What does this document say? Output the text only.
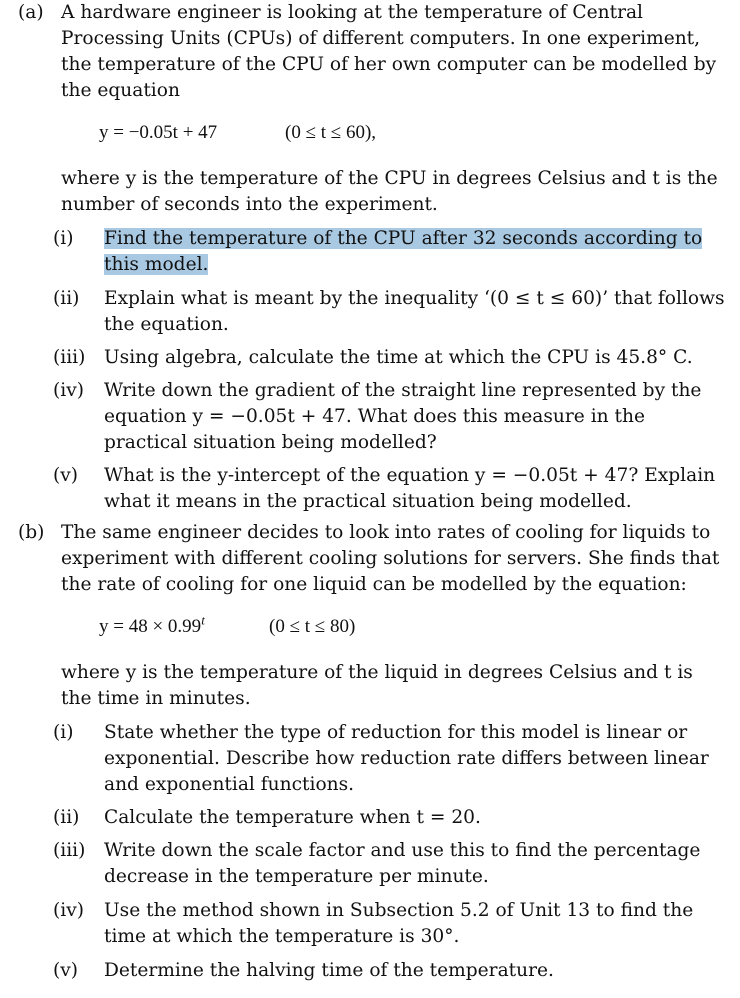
(a) A hardware engineer is looking at the temperature of Central Processing Units (CPUs) of different computers. In one experiment, the temperature of the CPU of her own computer can be modelled by the equation

y = −0.05t + 47	(0 ≤ t ≤ 60),

where y is the temperature of the CPU in degrees Celsius and t is the number of seconds into the experiment.

(i)	Find the temperature of the CPU after 32 seconds according to this model.
(ii)	Explain what is meant by the inequality ‘(0 ≤ t ≤ 60)’ that follows the equation.
(iii)	Using algebra, calculate the time at which the CPU is 45.8° C.
(iv)	Write down the gradient of the straight line represented by the equation y = −0.05t + 47. What does this measure in the practical situation being modelled?
(v)	What is the y-intercept of the equation y = −0.05t + 47? Explain what it means in the practical situation being modelled.
(b) The same engineer decides to look into rates of cooling for liquids to experiment with different cooling solutions for servers. She finds that the rate of cooling for one liquid can be modelled by the equation:

$y = 48 \times 0.99^t$	(0 ≤ t ≤ 80)

where y is the temperature of the liquid in degrees Celsius and t is the time in minutes.

(i)	State whether the type of reduction for this model is linear or exponential. Describe how reduction rate differs between linear and exponential functions.
(ii)	Calculate the temperature when t = 20.
(iii)	Write down the scale factor and use this to find the percentage decrease in the temperature per minute.
(iv)	Use the method shown in Subsection 5.2 of Unit 13 to find the time at which the temperature is 30°.
(v)	Determine the halving time of the temperature.
